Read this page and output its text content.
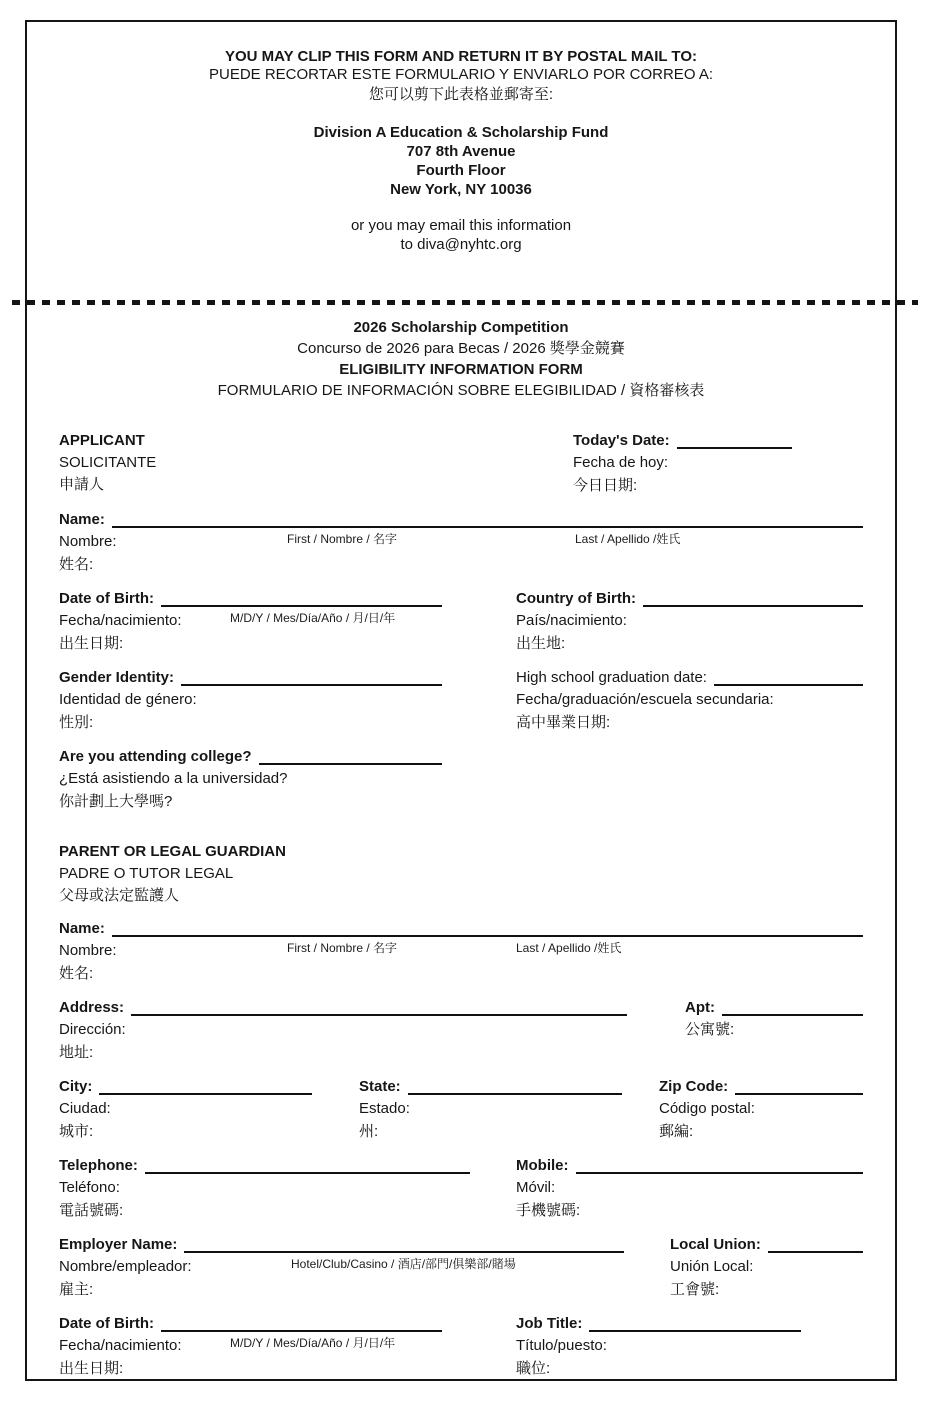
YOU MAY CLIP THIS FORM AND RETURN IT BY POSTAL MAIL TO:
PUEDE RECORTAR ESTE FORMULARIO Y ENVIARLO POR CORREO A:
您可以剪下此表格並郵寄至:
Division A Education & Scholarship Fund
707 8th Avenue
Fourth Floor
New York, NY 10036
or you may email this information
to diva@nyhtc.org
2026 Scholarship Competition
Concurso de 2026 para Becas / 2026 獎學金競賽
ELIGIBILITY INFORMATION FORM
FORMULARIO DE INFORMACIÓN SOBRE ELEGIBILIDAD / 資格審核表
APPLICANT
SOLICITANTE
申請人
Today's Date:
Fecha de hoy:
今日日期:
Name:
Nombre:	First / Nombre / 名字	Last / Apellido /姓氏
姓名:
Date of Birth:
Fecha/nacimiento:	M/D/Y / Mes/Día/Año / 月/日/年
出生日期:
Country of Birth:
País/nacimiento:
出生地:
Gender Identity:
Identidad de género:
性別:
High school graduation date:
Fecha/graduación/escuela secundaria:
高中畢業日期:
Are you attending college?
¿Está asistiendo a la universidad?
你計劃上大學嗎?
PARENT OR LEGAL GUARDIAN
PADRE O TUTOR LEGAL
父母或法定監護人
Name:
Nombre:	First / Nombre / 名字	Last / Apellido /姓氏
姓名:
Address:
Dirección:
地址:
Apt:
公寓號:
City:
Ciudad:
城市:
State:
Estado:
州:
Zip Code:
Código postal:
郵編:
Telephone:
Teléfono:
電話號碼:
Mobile:
Móvil:
手機號碼:
Employer Name:
Nombre/empleador:	Hotel/Club/Casino / 酒店/部門/俱樂部/賭場
雇主:
Local Union:
Unión Local:
工會號:
Date of Birth:
Fecha/nacimiento:	M/D/Y / Mes/Día/Año / 月/日/年
出生日期:
Job Title:
Título/puesto:
職位:
